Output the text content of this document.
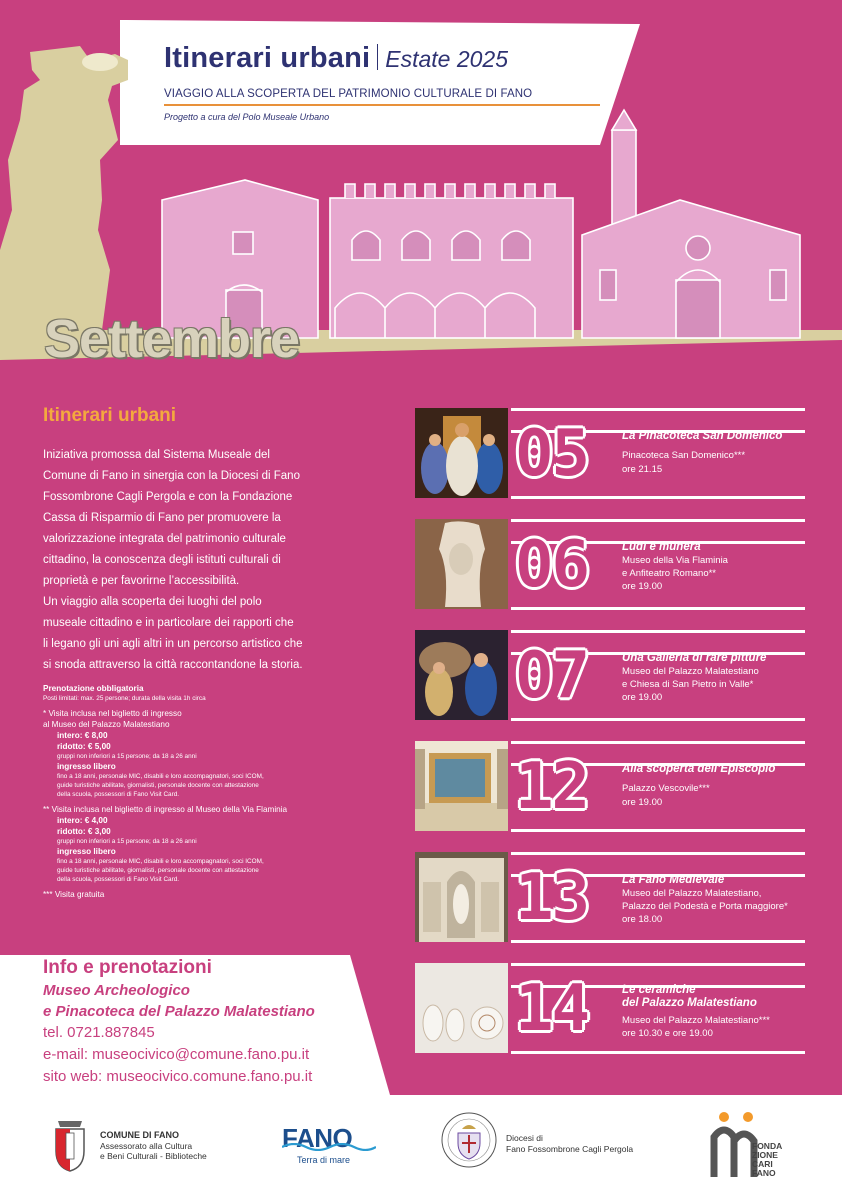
Itinerari urbani Estate 2025
VIAGGIO ALLA SCOPERTA DEL PATRIMONIO CULTURALE DI FANO
Progetto a cura del Polo Museale Urbano
Settembre
Itinerari urbani
Iniziativa promossa dal Sistema Museale del
Comune di Fano in sinergia con la Diocesi di Fano
Fossombrone Cagli Pergola e con la Fondazione
Cassa di Risparmio di Fano per promuovere la
valorizzazione integrata del patrimonio culturale
cittadino, la conoscenza degli istituti culturali di
proprietà e per favorirne l’accessibilità.
Un viaggio alla scoperta dei luoghi del polo
museale cittadino e in particolare dei rapporti che
li legano gli uni agli altri in un percorso artistico che
si snoda attraverso la città raccontandone la storia.
Prenotazione obbligatoria
Posti limitati: max. 25 persone; durata della visita 1h circa
* Visita inclusa nel biglietto di ingresso
al Museo del Palazzo Malatestiano
intero: € 8,00
ridotto: € 5,00
gruppi non inferiori a 15 persone; da 18 a 26 anni
ingresso libero
fino a 18 anni, personale MIC, disabili e loro accompagnatori, soci ICOM,
guide turistiche abilitate, giornalisti, personale docente con attestazione
della scuola, possessori di Fano Visit Card.
** Visita inclusa nel biglietto di ingresso al Museo della Via Flaminia
intero: € 4,00
ridotto: € 3,00
gruppi non inferiori a 15 persone; da 18 a 26 anni
ingresso libero
fino a 18 anni, personale MIC, disabili e loro accompagnatori, soci ICOM,
guide turistiche abilitate, giornalisti, personale docente con attestazione
della scuola, possessori di Fano Visit Card.
*** Visita gratuita
05	La Pinacoteca San Domenico
Pinacoteca San Domenico***
ore 21.15
06	Ludi e munera
Museo della Via Flaminia
e Anfiteatro Romano**
ore 19.00
07	Una Galleria di rare pitture
Museo del Palazzo Malatestiano
e Chiesa di San Pietro in Valle*
ore 19.00
12	Alla scoperta dell’Episcopio
Palazzo Vescovile***
ore 19.00
13	La Fano Medievale
Museo del Palazzo Malatestiano,
Palazzo del Podestà e Porta maggiore*
ore 18.00
14	Le ceramiche
del Palazzo Malatestiano
Museo del Palazzo Malatestiano***
ore 10.30 e ore 19.00
Info e prenotazioni
Museo Archeologico
e Pinacoteca del Palazzo Malatestiano
tel. 0721.887845
e-mail: museocivico@comune.fano.pu.it
sito web: museocivico.comune.fano.pu.it
COMUNE DI FANO
Assessorato alla Cultura
e Beni Culturali - Biblioteche
FANO
Terra di mare
Diocesi di
Fano Fossombrone Cagli Pergola	FONDA
ZIONE
CARI
FANO
